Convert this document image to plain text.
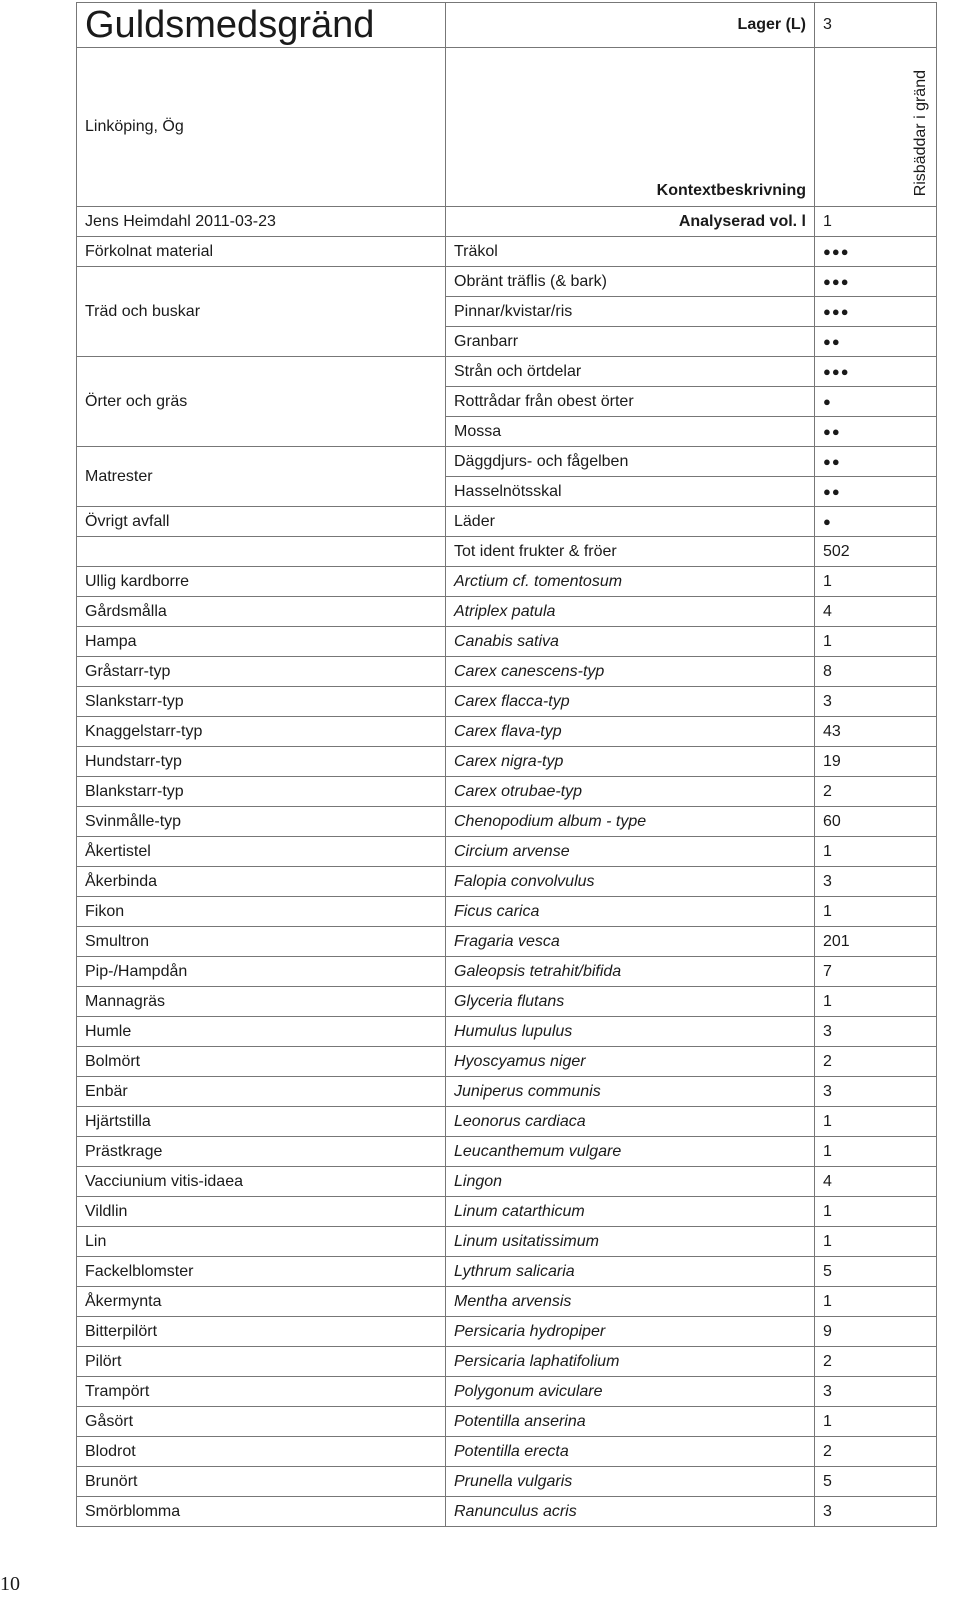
Guldsmedsgränd	Lager (L)	3
Linköping, Ög	Kontextbeskrivning	Risbäddar i gränd

Jens Heimdahl 2011-03-23	Analyserad vol. l	1
Förkolnat material	Träkol	●●●
Träd och buskar	Obränt träflis (& bark)	●●●
	Pinnar/kvistar/ris	●●●
	Granbarr	●●
Örter och gräs	Strån och örtdelar	●●●
	Rottrådar från obest örter	●
	Mossa	●●
Matrester	Däggdjurs- och fågelben	●●
	Hasselnötsskal	●●
Övrigt avfall	Läder	●
	Tot ident frukter & fröer	502
Ullig kardborre	Arctium cf. tomentosum	1
Gårdsmålla	Atriplex patula	4
Hampa	Canabis sativa	1
Gråstarr-typ	Carex canescens-typ	8
Slankstarr-typ	Carex flacca-typ	3
Knaggelstarr-typ	Carex flava-typ	43
Hundstarr-typ	Carex nigra-typ	19
Blankstarr-typ	Carex otrubae-typ	2
Svinmålle-typ	Chenopodium album - type	60
Åkertistel	Circium arvense	1
Åkerbinda	Falopia convolvulus	3
Fikon	Ficus carica	1
Smultron	Fragaria vesca	201
Pip-/Hampdån	Galeopsis tetrahit/bifida	7
Mannagräs	Glyceria flutans	1
Humle	Humulus lupulus	3
Bolmört	Hyoscyamus niger	2
Enbär	Juniperus communis	3
Hjärtstilla	Leonorus cardiaca	1
Prästkrage	Leucanthemum vulgare	1
Vacciunium vitis-idaea	Lingon	4
Vildlin	Linum catarthicum	1
Lin	Linum usitatissimum	1
Fackelblomster	Lythrum salicaria	5
Åkermynta	Mentha arvensis	1
Bitterpilört	Persicaria hydropiper	9
Pilört	Persicaria laphatifolium	2
Trampört	Polygonum aviculare	3
Gåsört	Potentilla anserina	1
Blodrot	Potentilla erecta	2
Brunört	Prunella vulgaris	5
Smörblomma	Ranunculus acris	3
10
